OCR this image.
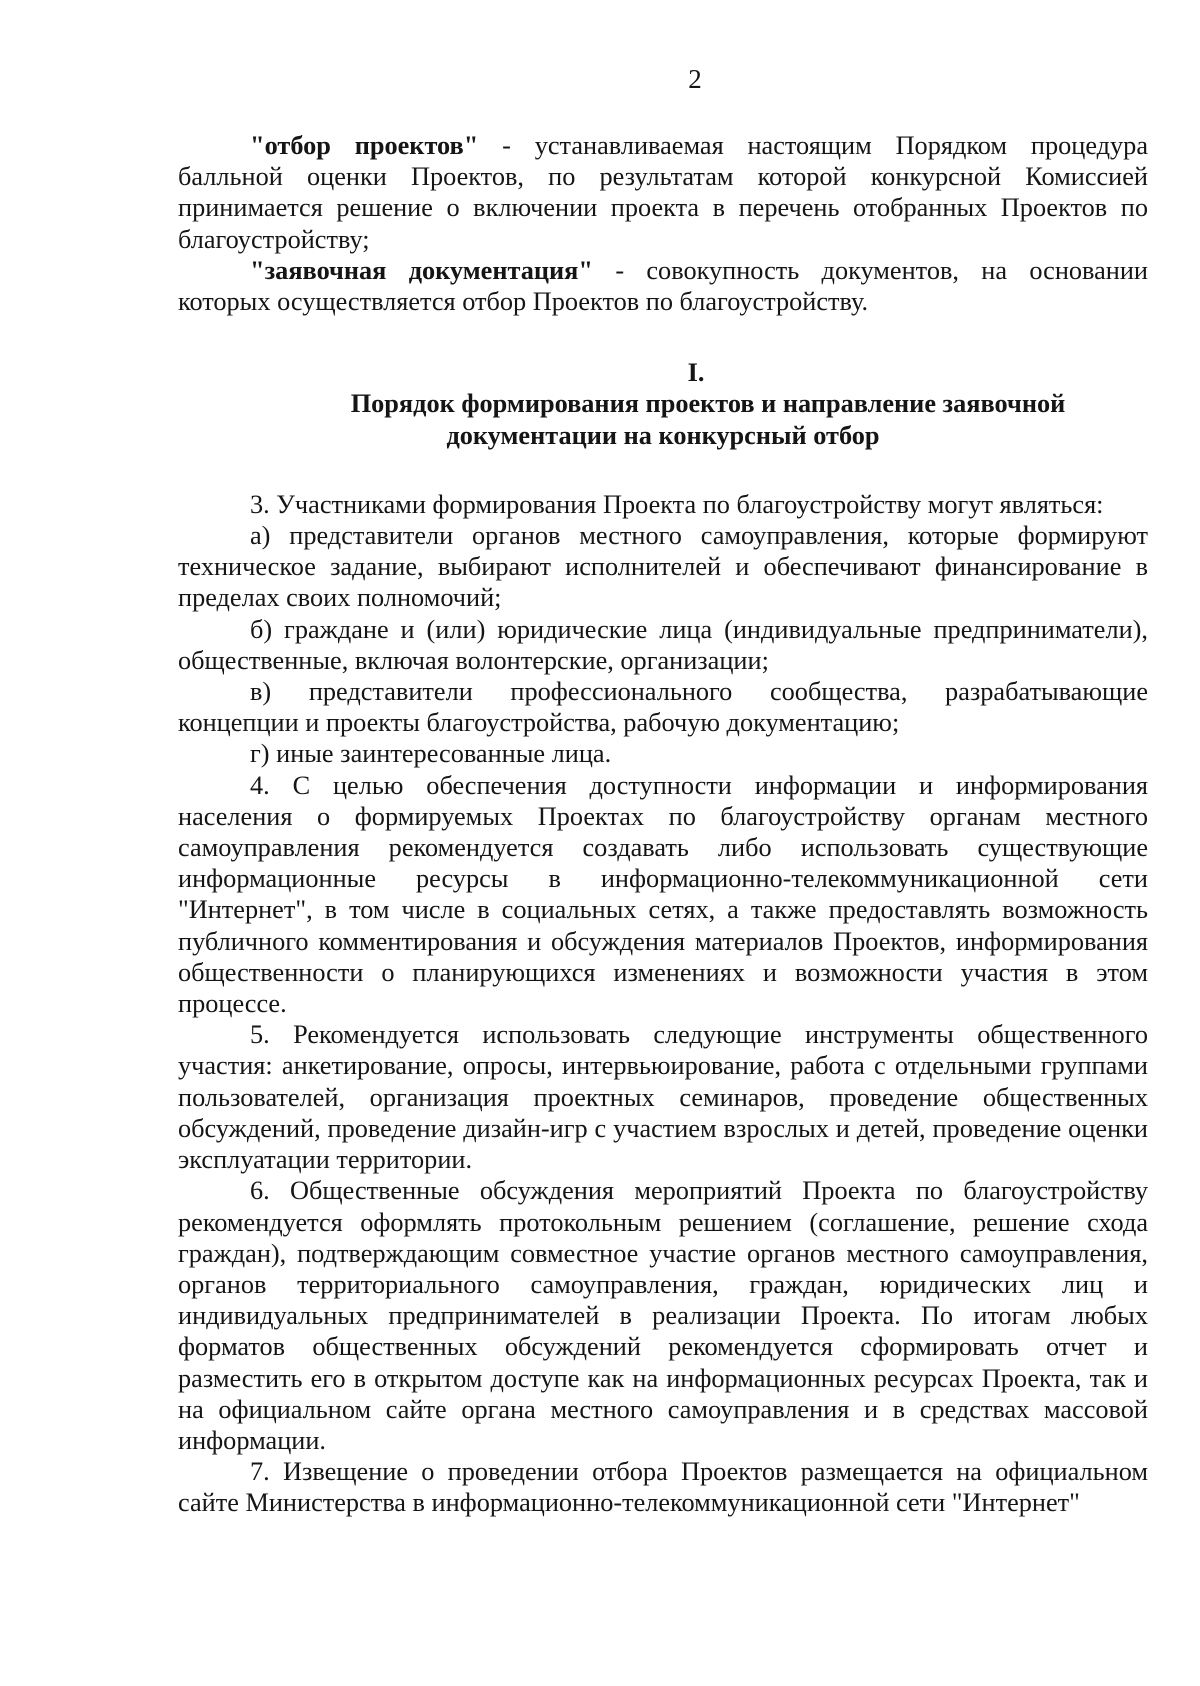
2

"отбор проектов" - устанавливаемая настоящим Порядком процедура балльной оценки Проектов, по результатам которой конкурсной Комиссией принимается решение о включении проекта в перечень отобранных Проектов по благоустройству;

"заявочная документация" - совокупность документов, на основании которых осуществляется отбор Проектов по благоустройству.

I.
Порядок формирования проектов и направление заявочной
документации на конкурсный отбор

3. Участниками формирования Проекта по благоустройству могут являться:

а) представители органов местного самоуправления, которые формируют техническое задание, выбирают исполнителей и обеспечивают финансирование в пределах своих полномочий;

б) граждане и (или) юридические лица (индивидуальные предприниматели), общественные, включая волонтерские, организации;

в) представители профессионального сообщества, разрабатывающие концепции и проекты благоустройства, рабочую документацию;

г) иные заинтересованные лица.

4. С целью обеспечения доступности информации и информирования населения о формируемых Проектах по благоустройству органам местного самоуправления рекомендуется создавать либо использовать существующие информационные ресурсы в информационно-телекоммуникационной сети "Интернет", в том числе в социальных сетях, а также предоставлять возможность публичного комментирования и обсуждения материалов Проектов, информирования общественности о планирующихся изменениях и возможности участия в этом процессе.

5. Рекомендуется использовать следующие инструменты общественного участия: анкетирование, опросы, интервьюирование, работа с отдельными группами пользователей, организация проектных семинаров, проведение общественных обсуждений, проведение дизайн-игр с участием взрослых и детей, проведение оценки эксплуатации территории.

6. Общественные обсуждения мероприятий Проекта по благоустройству рекомендуется оформлять протокольным решением (соглашение, решение схода граждан), подтверждающим совместное участие органов местного самоуправления, органов территориального самоуправления, граждан, юридических лиц и индивидуальных предпринимателей в реализации Проекта. По итогам любых форматов общественных обсуждений рекомендуется сформировать отчет и разместить его в открытом доступе как на информационных ресурсах Проекта, так и на официальном сайте органа местного самоуправления и в средствах массовой информации.

7. Извещение о проведении отбора Проектов размещается на официальном сайте Министерства в информационно-телекоммуникационной сети "Интернет"
